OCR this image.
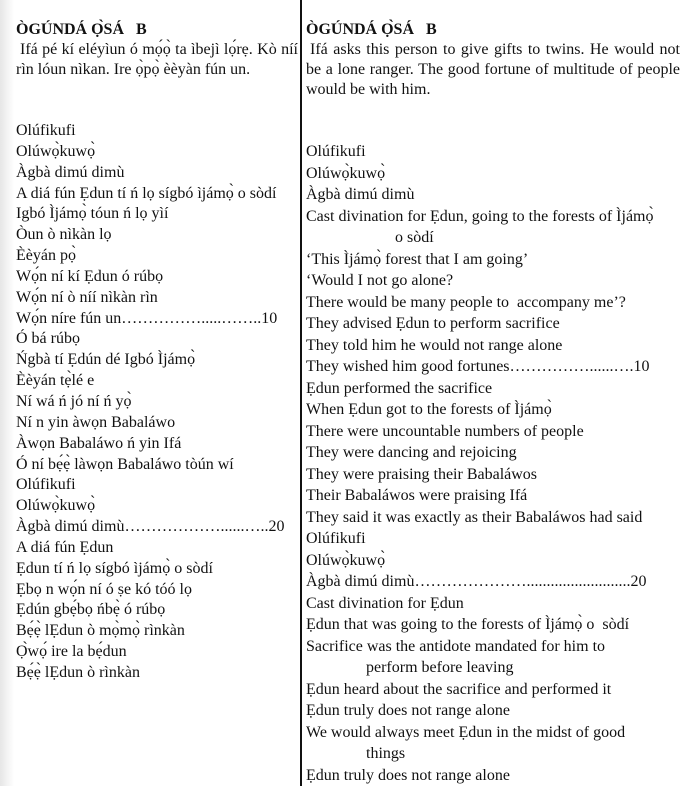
ÒGÚNDÁ Ọ̀SÁ   B
Ifá pé kí eléyìun ó mọ́ọ̀ ta ìbejì lọ́rẹ. Kò níí rìn lóun nìkan. Ire ọ̀pọ̀ èèyàn fún un.
Olúfikufi
Olúwọ̀kuwọ̀
Àgbà dimú dimù
A diá fún Ẹdun tí ń lọ sígbó ìjámọ̀ o sòdí
Igbó Ìjámọ̀ tóun ń lọ yìí
Òun ò nìkàn lọ
Èèyán pọ̀
Wọ́n ní kí Ẹdun ó rúbọ
Wọ́n ní ò níí nìkàn rìn
Wọ́n níre fún un…………….....……..10
Ó bá rúbọ
Ńgbà tí Ẹdún dé Igbó Ìjámọ̀
Èèyán tẹ̀lé e
Ní wá ń jó ní ń yọ̀
Ní n yin àwọn Babaláwo
Àwọn Babaláwo ń yin Ifá
Ó ní bẹ́ẹ̀ làwọn Babaláwo tòún wí
Olúfikufi
Olúwọ̀kuwọ̀
Àgbà dimú dimù………………......…..20
A diá fún Ẹdun
Ẹdun tí ń lọ sígbó ìjámọ̀ o sòdí
Ẹbọ n wọ́n ní ó ṣe kó tóó lọ
Ẹdún gbẹ́bọ ńbẹ̀ ó rúbọ
Bẹ́ẹ̀ lẸdun ò mọ̀mọ̀ rìnkàn
Ọ̀wọ́ ire la bẹ́dun
Bẹ́ẹ̀ lẸdun ò rìnkàn
ÒGÚNDÁ Ọ̀SÁ   B
Ifá asks this person to give gifts to twins. He would not be a lone ranger. The good fortune of multitude of people would be with him.
Olúfikufi
Olúwọ̀kuwọ̀
Àgbà dimú dimù
Cast divination for Ẹdun, going to the forests of Ìjámọ̀
o sòdí
‘This Ìjámọ̀ forest that I am going’
‘Would I not go alone?
There would be many people to  accompany me’?
They advised Ẹdun to perform sacrifice
They told him he would not range alone
They wished him good fortunes……………......….10
Ẹdun performed the sacrifice
When Ẹdun got to the forests of Ìjámọ̀
There were uncountable numbers of people
They were dancing and rejoicing
They were praising their Babaláwos
Their Babaláwos were praising Ifá
They said it was exactly as their Babaláwos had said
Olúfikufi
Olúwọ̀kuwọ̀
Àgbà dimú dimù…………………..........................20
Cast divination for Ẹdun
Ẹdun that was going to the forests of Ìjámọ̀ o  sòdí
Sacrifice was the antidote mandated for him to
perform before leaving
Ẹdun heard about the sacrifice and performed it
Ẹdun truly does not range alone
We would always meet Ẹdun in the midst of good
things
Ẹdun truly does not range alone
